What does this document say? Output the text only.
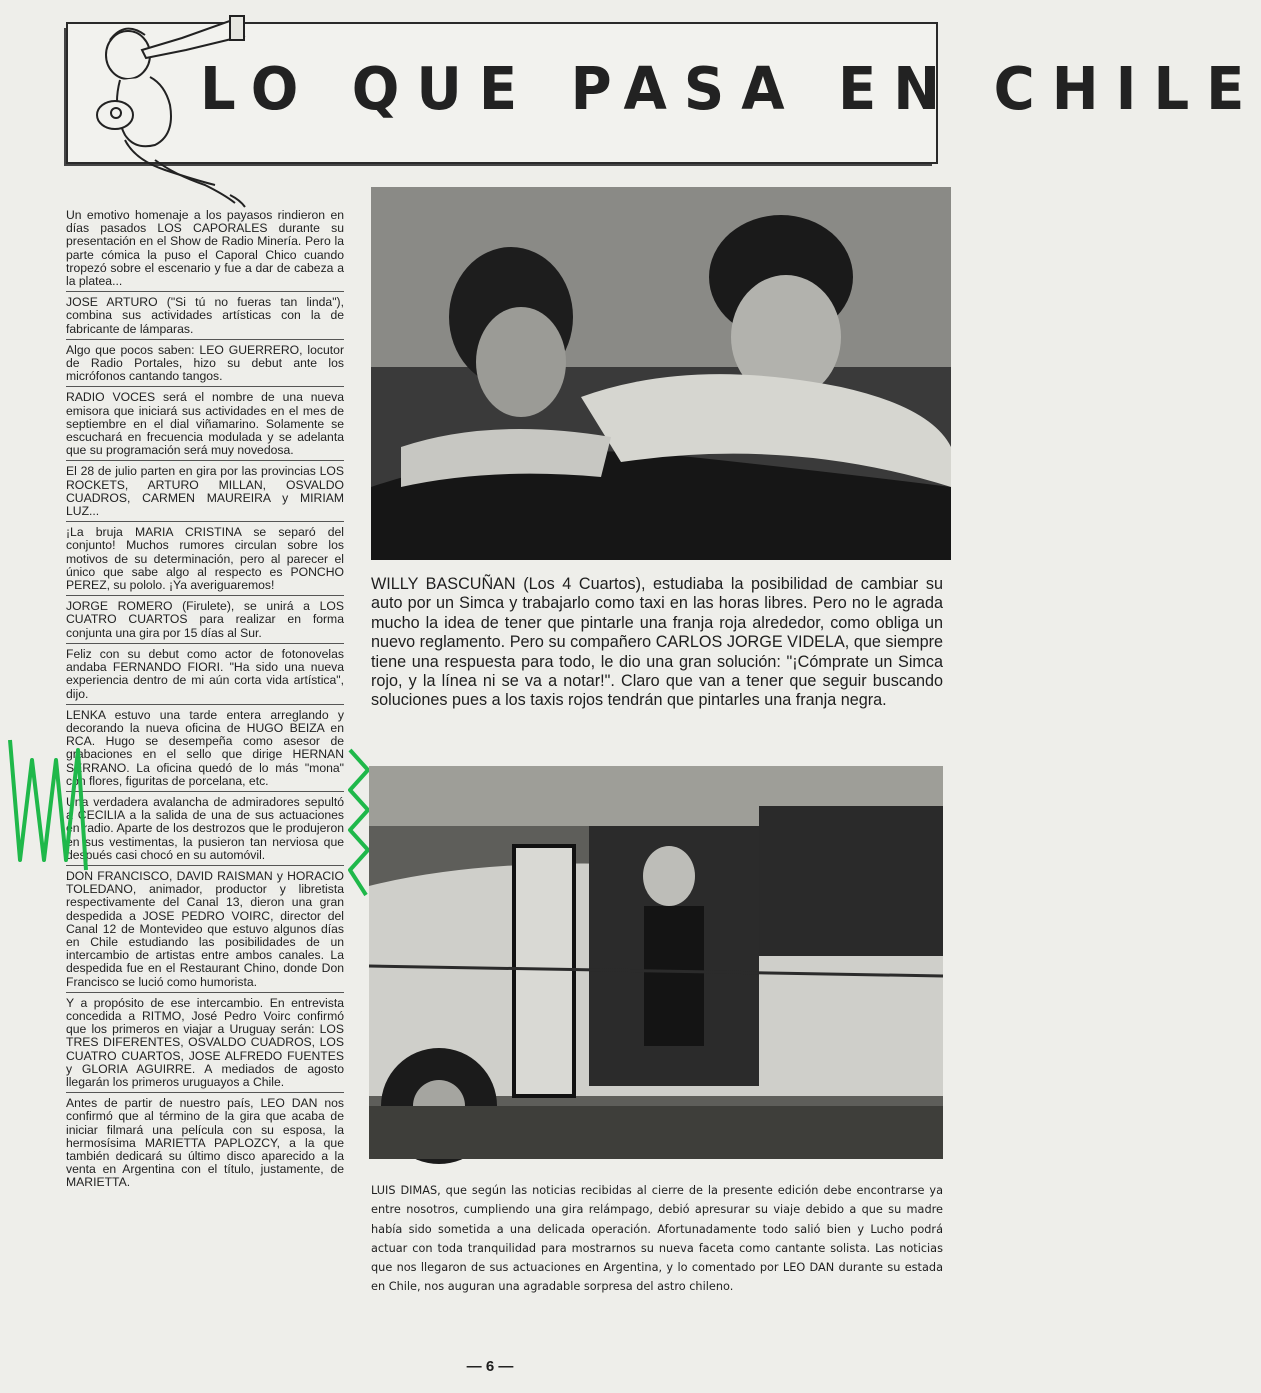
LO QUE PASA EN CHILE
Un emotivo homenaje a los payasos rindieron en días pasados LOS CAPORALES durante su presentación en el Show de Radio Minería. Pero la parte cómica la puso el Caporal Chico cuando tropezó sobre el escenario y fue a dar de cabeza a la platea...
JOSE ARTURO ("Si tú no fueras tan linda"), combina sus actividades artísticas con la de fabricante de lámparas.
Algo que pocos saben: LEO GUERRERO, locutor de Radio Portales, hizo su debut ante los micrófonos cantando tangos.
RADIO VOCES será el nombre de una nueva emisora que iniciará sus actividades en el mes de septiembre en el dial viñamarino. Solamente se escuchará en frecuencia modulada y se adelanta que su programación será muy novedosa.
El 28 de julio parten en gira por las provincias LOS ROCKETS, ARTURO MILLAN, OSVALDO CUADROS, CARMEN MAUREIRA y MIRIAM LUZ...
¡La bruja MARIA CRISTINA se separó del conjunto! Muchos rumores circulan sobre los motivos de su determinación, pero al parecer el único que sabe algo al respecto es PONCHO PEREZ, su pololo. ¡Ya averiguaremos!
JORGE ROMERO (Firulete), se unirá a LOS CUATRO CUARTOS para realizar en forma conjunta una gira por 15 días al Sur.
Feliz con su debut como actor de fotonovelas andaba FERNANDO FIORI. "Ha sido una nueva experiencia dentro de mi aún corta vida artística", dijo.
LENKA estuvo una tarde entera arreglando y decorando la nueva oficina de HUGO BEIZA en RCA. Hugo se desempeña como asesor de grabaciones en el sello que dirige HERNAN SERRANO. La oficina quedó de lo más "mona" con flores, figuritas de porcelana, etc.
Una verdadera avalancha de admiradores sepultó a CECILIA a la salida de una de sus actuaciones en radio. Aparte de los destrozos que le produjeron en sus vestimentas, la pusieron tan nerviosa que después casi chocó en su automóvil.
DON FRANCISCO, DAVID RAISMAN y HORACIO TOLEDANO, animador, productor y libretista respectivamente del Canal 13, dieron una gran despedida a JOSE PEDRO VOIRC, director del Canal 12 de Montevideo que estuvo algunos días en Chile estudiando las posibilidades de un intercambio de artistas entre ambos canales. La despedida fue en el Restaurant Chino, donde Don Francisco se lució como humorista.
Y a propósito de ese intercambio. En entrevista concedida a RITMO, José Pedro Voirc confirmó que los primeros en viajar a Uruguay serán: LOS TRES DIFERENTES, OSVALDO CUADROS, LOS CUATRO CUARTOS, JOSE ALFREDO FUENTES y GLORIA AGUIRRE. A mediados de agosto llegarán los primeros uruguayos a Chile.
Antes de partir de nuestro país, LEO DAN nos confirmó que al término de la gira que acaba de iniciar filmará una película con su esposa, la hermosísima MARIETTA PAPLOZCY, a la que también dedicará su último disco aparecido a la venta en Argentina con el título, justamente, de MARIETTA.
WILLY BASCUÑAN (Los 4 Cuartos), estudiaba la posibilidad de cambiar su auto por un Simca y trabajarlo como taxi en las horas libres. Pero no le agrada mucho la idea de tener que pintarle una franja roja alrededor, como obliga un nuevo reglamento. Pero su compañero CARLOS JORGE VIDELA, que siempre tiene una respuesta para todo, le dio una gran solución: "¡Cómprate un Simca rojo, y la línea ni se va a notar!". Claro que van a tener que seguir buscando soluciones pues a los taxis rojos tendrán que pintarles una franja negra.
LUIS DIMAS, que según las noticias recibidas al cierre de la presente edición debe encontrarse ya entre nosotros, cumpliendo una gira relámpago, debió apresurar su viaje debido a que su madre había sido sometida a una delicada operación. Afortunadamente todo salió bien y Lucho podrá actuar con toda tranquilidad para mostrarnos su nueva faceta como cantante solista. Las noticias que nos llegaron de sus actuaciones en Argentina, y lo comentado por LEO DAN durante su estada en Chile, nos auguran una agradable sorpresa del astro chileno.
— 6 —
